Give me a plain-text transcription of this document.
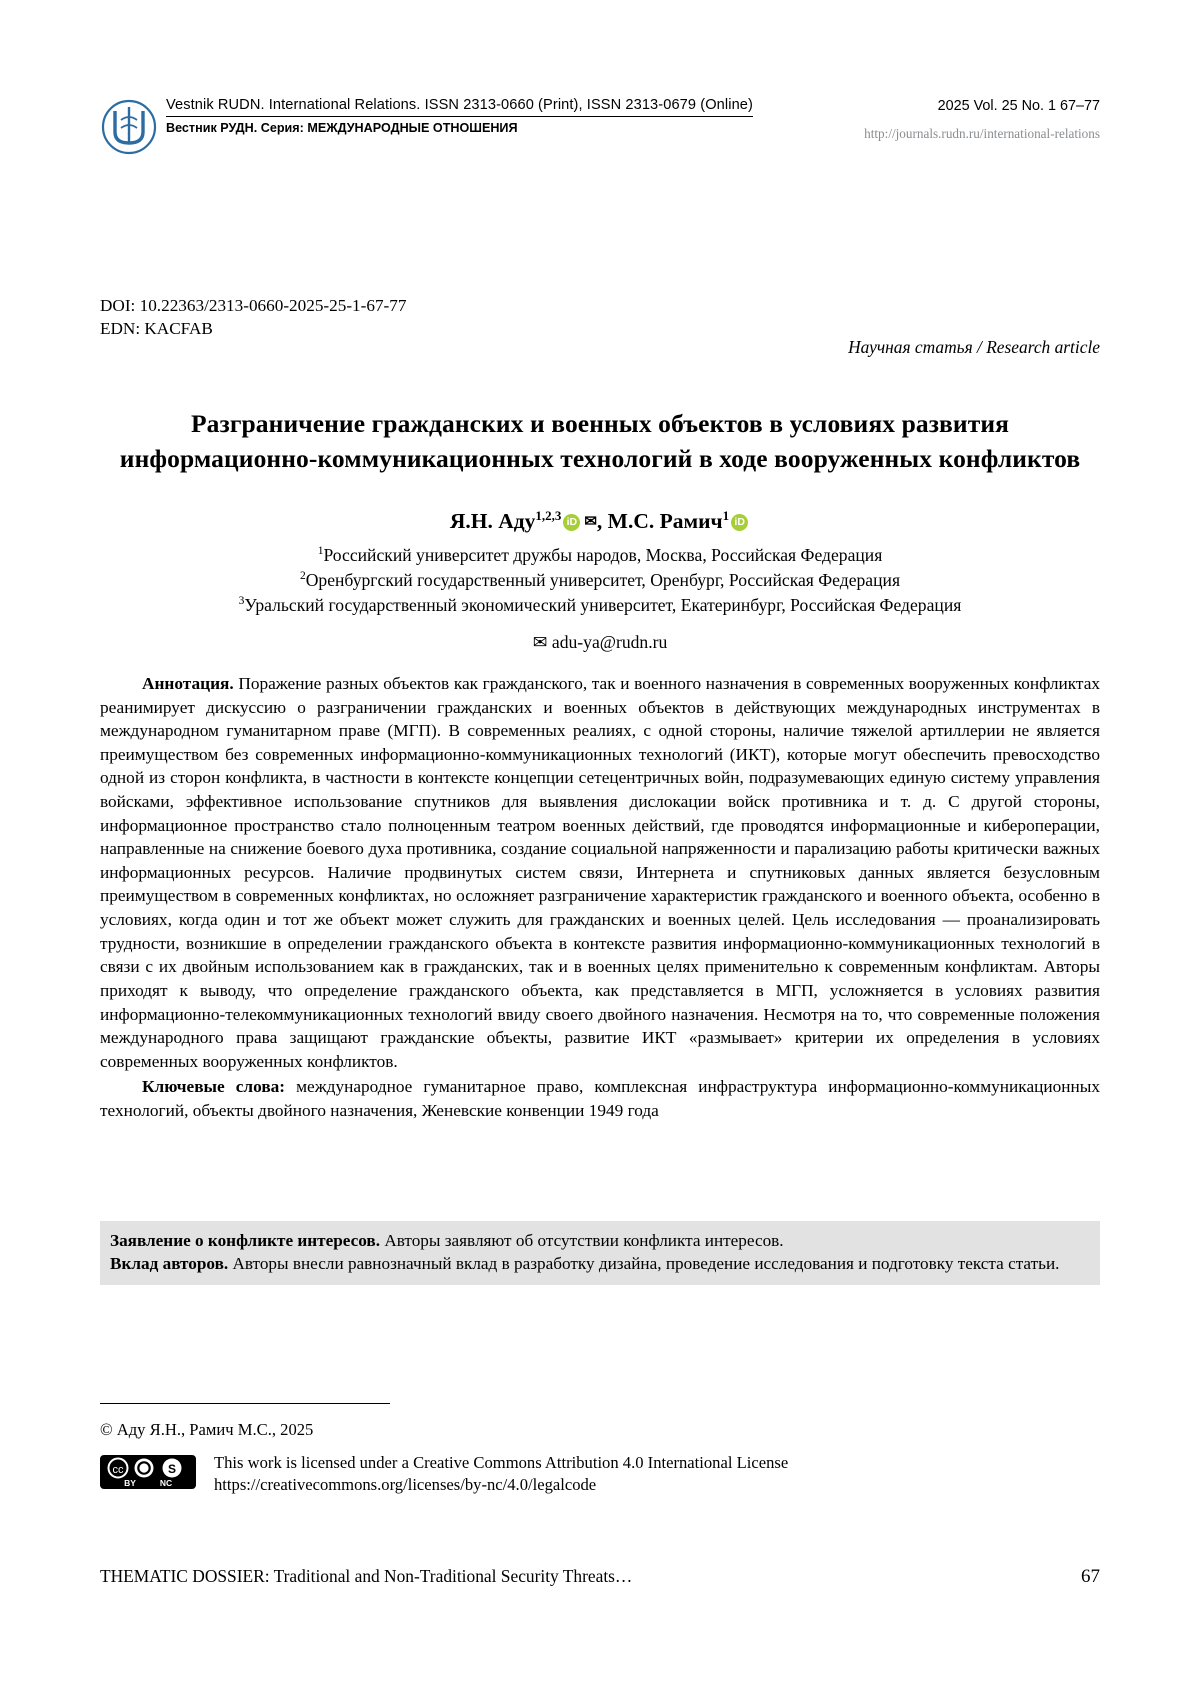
Vestnik RUDN. International Relations. ISSN 2313-0660 (Print), ISSN 2313-0679 (Online)
Вестник РУДН. Серия: МЕЖДУНАРОДНЫЕ ОТНОШЕНИЯ
2025 Vol. 25 No. 1 67–77
http://journals.rudn.ru/international-relations
DOI: 10.22363/2313-0660-2025-25-1-67-77
EDN: KACFAB
Научная статья / Research article
Разграничение гражданских и военных объектов в условиях развития информационно-коммуникационных технологий в ходе вооруженных конфликтов
Я.Н. Аду$^{1,2,3}$ iD ✉, М.С. Рамич$^1$ iD
$^1$Российский университет дружбы народов, Москва, Российская Федерация
$^2$Оренбургский государственный университет, Оренбург, Российская Федерация
$^3$Уральский государственный экономический университет, Екатеринбург, Российская Федерация
✉ adu-ya@rudn.ru

Аннотация. Поражение разных объектов как гражданского, так и военного назначения в современных вооруженных конфликтах реанимирует дискуссию о разграничении гражданских и военных объектов в действующих международных инструментах в международном гуманитарном праве (МГП). В современных реалиях, с одной стороны, наличие тяжелой артиллерии не является преимуществом без современных информационно-коммуникационных технологий (ИКТ), которые могут обеспечить превосходство одной из сторон конфликта, в частности в контексте концепции сетецентричных войн, подразумевающих единую систему управления войсками, эффективное использование спутников для выявления дислокации войск противника и т. д. С другой стороны, информационное пространство стало полноценным театром военных действий, где проводятся информационные и кибероперации, направленные на снижение боевого духа противника, создание социальной напряженности и парализацию работы критически важных информационных ресурсов. Наличие продвинутых систем связи, Интернета и спутниковых данных является безусловным преимуществом в современных конфликтах, но осложняет разграничение характеристик гражданского и военного объекта, особенно в условиях, когда один и тот же объект может служить для гражданских и военных целей. Цель исследования — проанализировать трудности, возникшие в определении гражданского объекта в контексте развития информационно-коммуникационных технологий в связи с их двойным использованием как в гражданских, так и в военных целях применительно к современным конфликтам. Авторы приходят к выводу, что определение гражданского объекта, как представляется в МГП, усложняется в условиях развития информационно-телекоммуникационных технологий ввиду своего двойного назначения. Несмотря на то, что современные положения международного права защищают гражданские объекты, развитие ИКТ «размывает» критерии их определения в условиях современных вооруженных конфликтов.

Ключевые слова: международное гуманитарное право, комплексная инфраструктура информационно-коммуникационных технологий, объекты двойного назначения, Женевские конвенции 1949 года

Заявление о конфликте интересов. Авторы заявляют об отсутствии конфликта интересов.

Вклад авторов. Авторы внесли равнозначный вклад в разработку дизайна, проведение исследования и подготовку текста статьи.

© Аду Я.Н., Рамич М.С., 2025
cc	S
BY	NC
This work is licensed under a Creative Commons Attribution 4.0 International License
https://creativecommons.org/licenses/by-nc/4.0/legalcode
THEMATIC DOSSIER: Traditional and Non-Traditional Security Threats…	67
